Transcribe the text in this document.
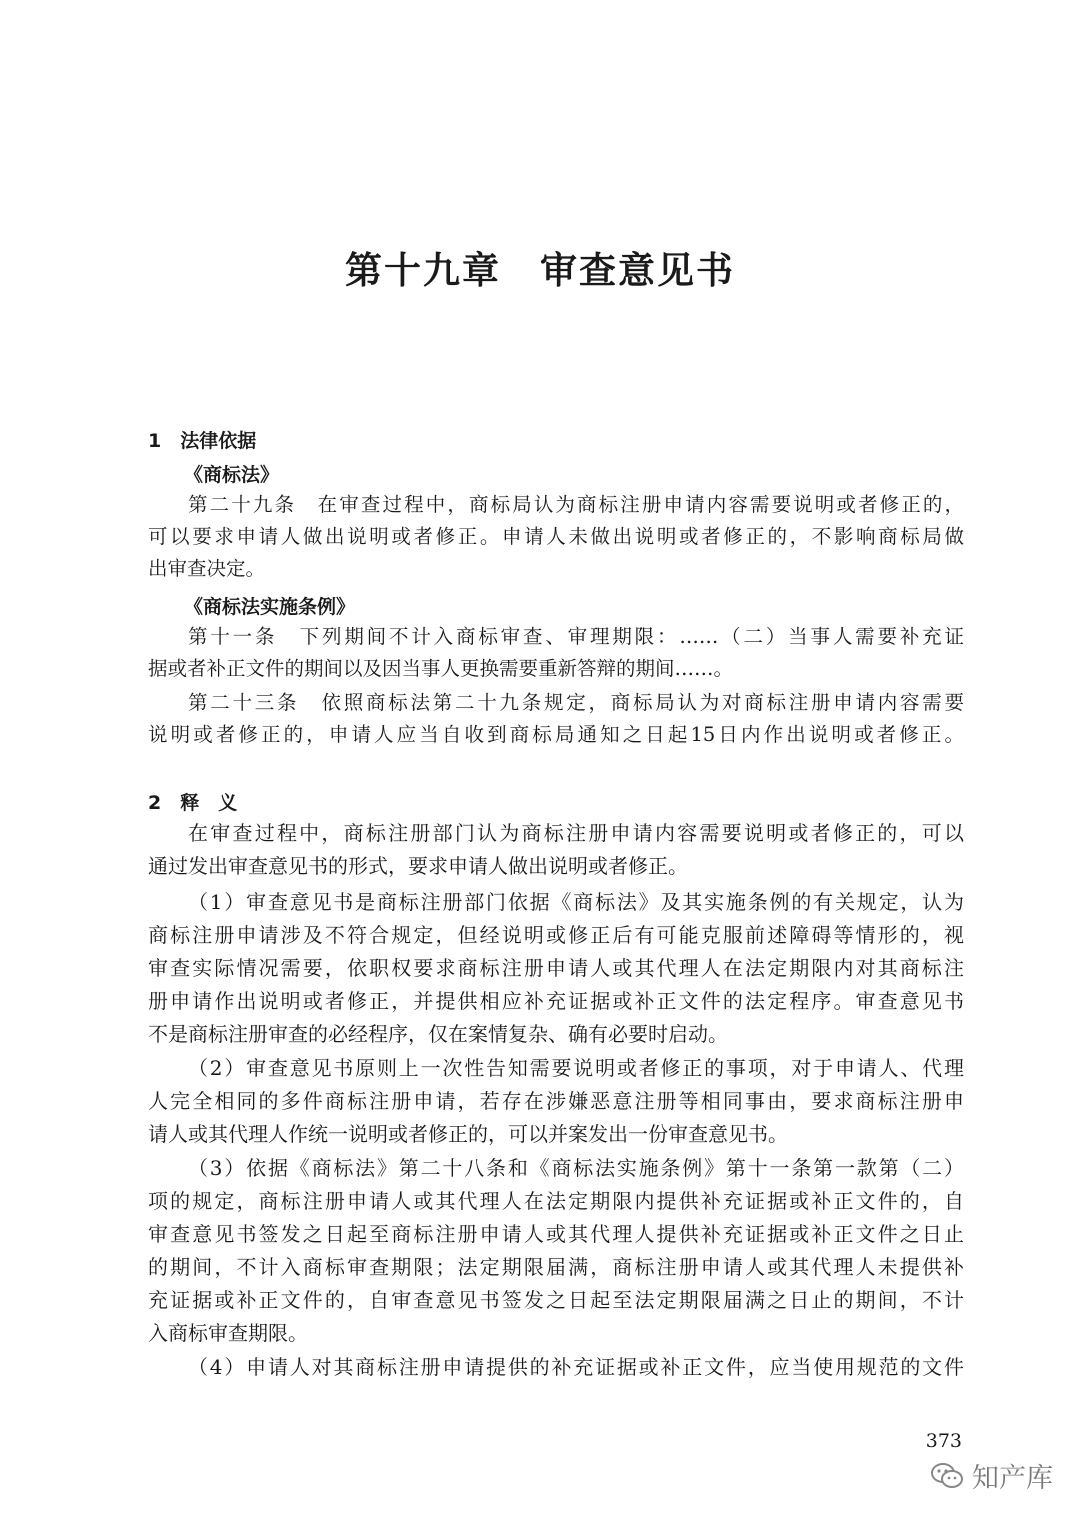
第十九章　审查意见书
1　法律依据
《商标法》
第二十九条　在审查过程中，商标局认为商标注册申请内容需要说明或者修正的，
可以要求申请人做出说明或者修正。申请人未做出说明或者修正的，不影响商标局做
出审查决定。
《商标法实施条例》
第十一条　下列期间不计入商标审查、审理期限：……（二）当事人需要补充证
据或者补正文件的期间以及因当事人更换需要重新答辩的期间……。
第二十三条　依照商标法第二十九条规定，商标局认为对商标注册申请内容需要
说明或者修正的，申请人应当自收到商标局通知之日起15日内作出说明或者修正。
2　释　义
在审查过程中，商标注册部门认为商标注册申请内容需要说明或者修正的，可以
通过发出审查意见书的形式，要求申请人做出说明或者修正。
（1）审查意见书是商标注册部门依据《商标法》及其实施条例的有关规定，认为
商标注册申请涉及不符合规定，但经说明或修正后有可能克服前述障碍等情形的，视
审查实际情况需要，依职权要求商标注册申请人或其代理人在法定期限内对其商标注
册申请作出说明或者修正，并提供相应补充证据或补正文件的法定程序。审查意见书
不是商标注册审查的必经程序，仅在案情复杂、确有必要时启动。
（2）审查意见书原则上一次性告知需要说明或者修正的事项，对于申请人、代理
人完全相同的多件商标注册申请，若存在涉嫌恶意注册等相同事由，要求商标注册申
请人或其代理人作统一说明或者修正的，可以并案发出一份审查意见书。
（3）依据《商标法》第二十八条和《商标法实施条例》第十一条第一款第（二）
项的规定，商标注册申请人或其代理人在法定期限内提供补充证据或补正文件的，自
审查意见书签发之日起至商标注册申请人或其代理人提供补充证据或补正文件之日止
的期间，不计入商标审查期限；法定期限届满，商标注册申请人或其代理人未提供补
充证据或补正文件的，自审查意见书签发之日起至法定期限届满之日止的期间，不计
入商标审查期限。
（4）申请人对其商标注册申请提供的补充证据或补正文件，应当使用规范的文件
373
知产库
